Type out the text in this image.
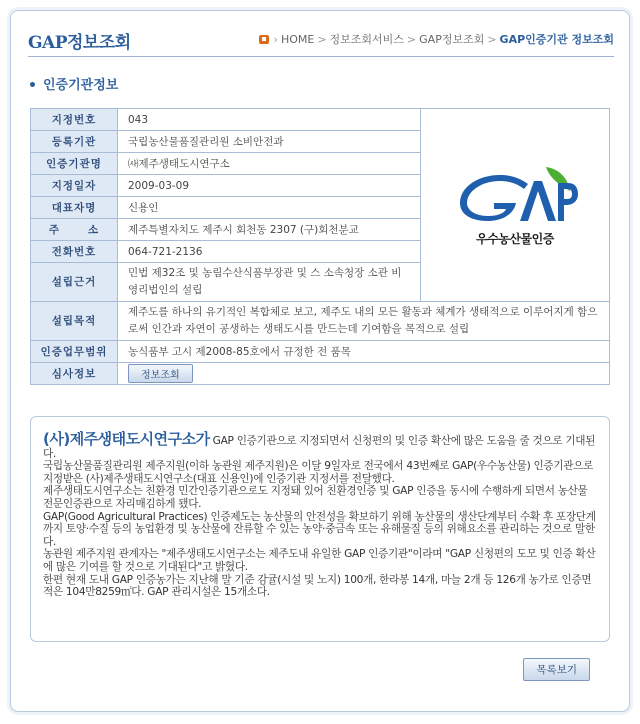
GAP정보조회	› HOME > 정보조회서비스 > GAP정보조회 > GAP인증기관 정보조회
인증기관정보
지정번호	043	우수농산물인증

등록기관	국립농산물품질관리원 소비안전과	
인증기관명	㈔제주생태도시연구소	
지정일자	2009-03-09	
대표자명	신용인	
주      소	제주특별자치도 제주시 회천동 2307 (구)회천분교	
전화번호	064-721-2136	
설립근거	민법 제32조 및 농림수산식품부장관 및 스 소속청장 소관 비영리법인의 설립	
설립목적	제주도를 하나의 유기적인 복합체로 보고, 제주도 내의 모든 활동과 체계가 생태적으로 이루어지게 함으로써 인간과 자연이 공생하는 생태도시를 만드는데 기여함을 목적으로 설립	
인증업무범위	농식품부 고시 제2008-85호에서 규정한 전 품목	
심사정보	정보조회	

(사)제주생태도시연구소가 GAP 인증기관으로 지정되면서 신청편의 및 인증 확산에 많은 도움을 줄 것으로 기대된다.

국립농산물품질관리원 제주지원(이하 농관원 제주지원)은 이달 9일자로 전국에서 43번째로 GAP(우수농산물) 인증기관으로 지정받은 (사)제주생태도시연구소(대표 신용인)에 인증기관 지정서를 전달했다.

제주생태도시연구소는 친환경 민간인증기관으로도 지정돼 있어 친환경인증 및 GAP 인증을 동시에 수행하게 되면서 농산물 전문인증관으로 자리매김하게 됐다.

GAP(Good Agricultural Practices) 인증제도는 농산물의 안전성을 확보하기 위해 농산물의 생산단계부터 수확 후 포장단계까지 토양·수질 등의 농업환경 및 농산물에 잔류할 수 있는 농약·중금속 또는 유해물질 등의 위해요소를 관리하는 것으로 말한다.

농관원 제주지원 관계자는 "제주생태도시연구소는 제주도내 유일한 GAP 인증기관"이라며 "GAP 신청편의 도모 및 인증 확산에 많은 기여를 할 것으로 기대된다"고 밝혔다.

한편 현재 도내 GAP 인증농가는 지난해 말 기준 감귤(시설 및 노지) 100개, 한라봉 14개, 마늘 2개 등 126개 농가로 인증면적은 104만8259㎡다. GAP 관리시설은 15개소다.

목록보기
